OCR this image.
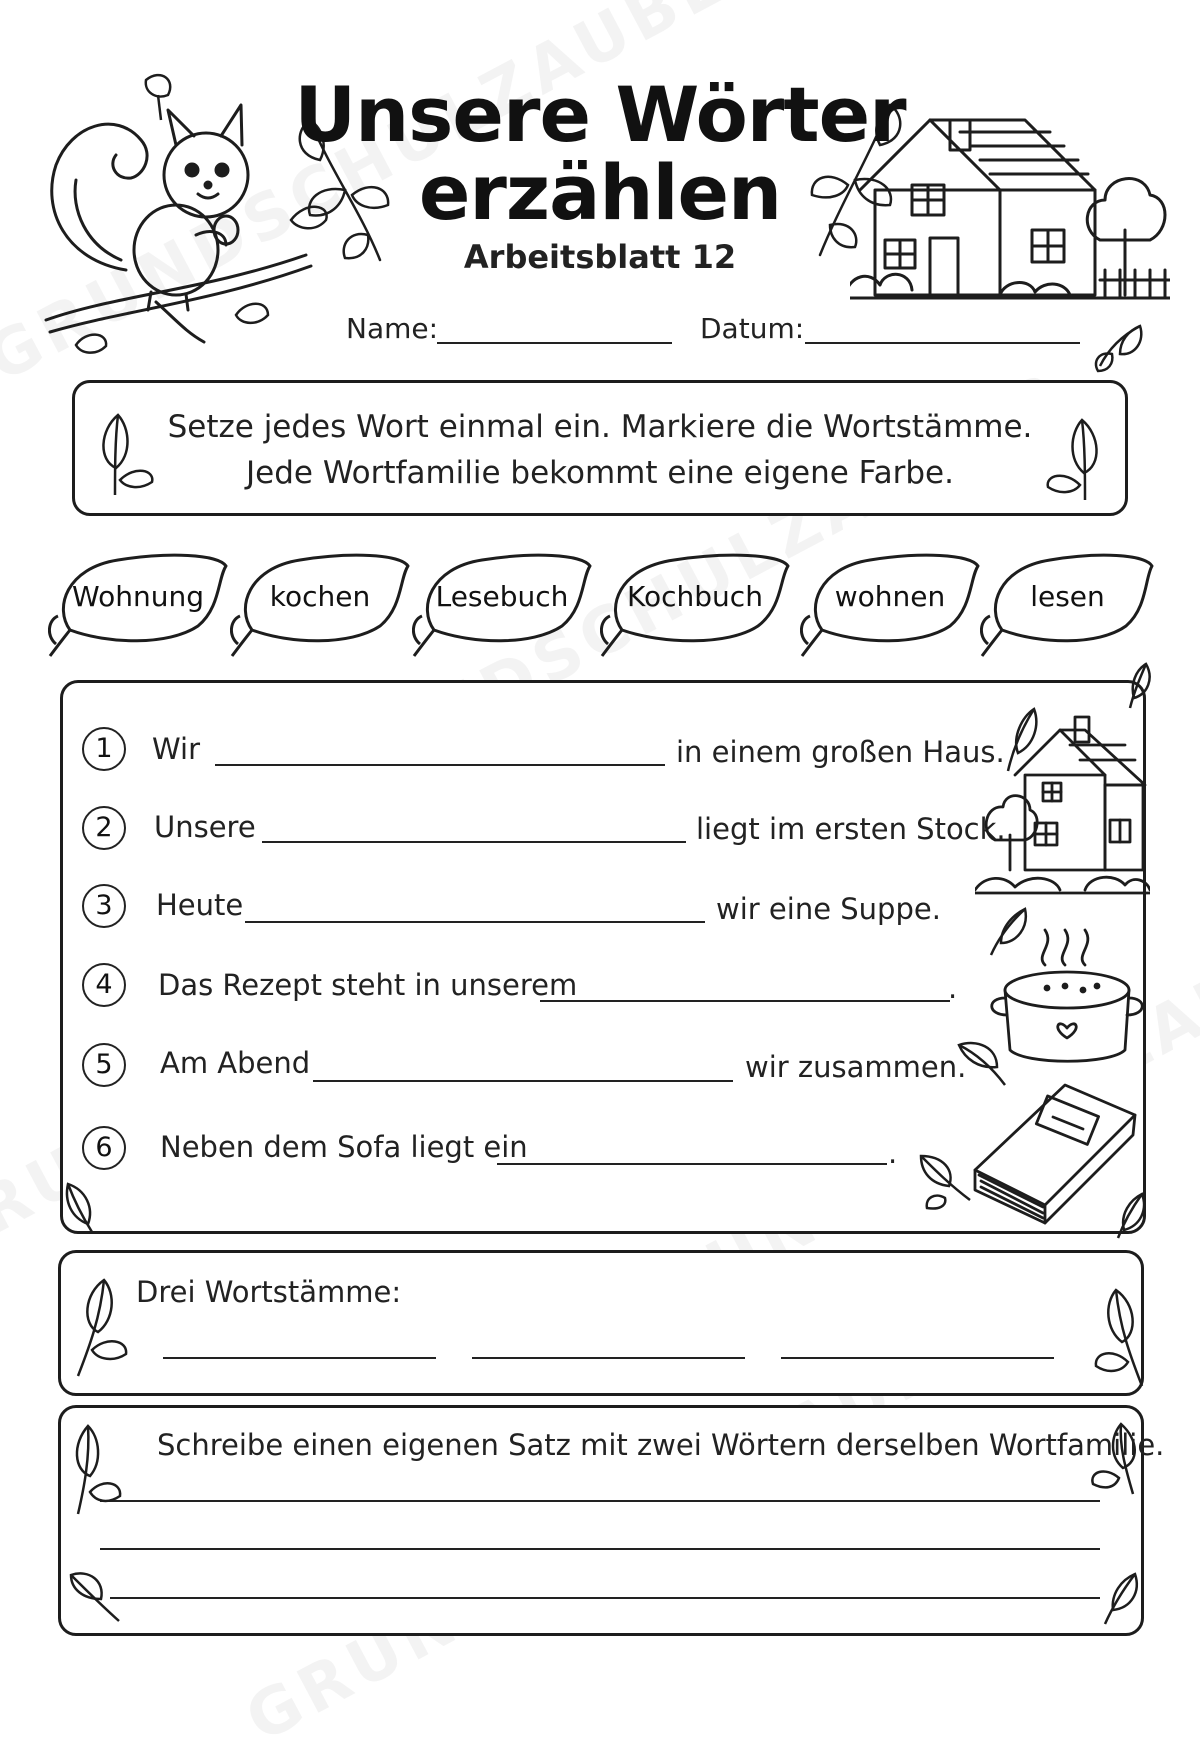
Unsere Wörter
erzählen
Arbeitsblatt 12
Name:	Datum:
Setze jedes Wort einmal ein. Markiere die Wortstämme.
Jede Wortfamilie bekommt eine eigene Farbe.
Wohnung	kochen	Lesebuch	Kochbuch	wohnen	lesen
1	Wir	in einem großen Haus.
2	Unsere	liegt im ersten Stock.
3	Heute	wir eine Suppe.
4	Das Rezept steht in unserem	.
5	Am Abend	wir zusammen.
6	Neben dem Sofa liegt ein	.
Drei Wortstämme:
Schreibe einen eigenen Satz mit zwei Wörtern derselben Wortfamilie.
